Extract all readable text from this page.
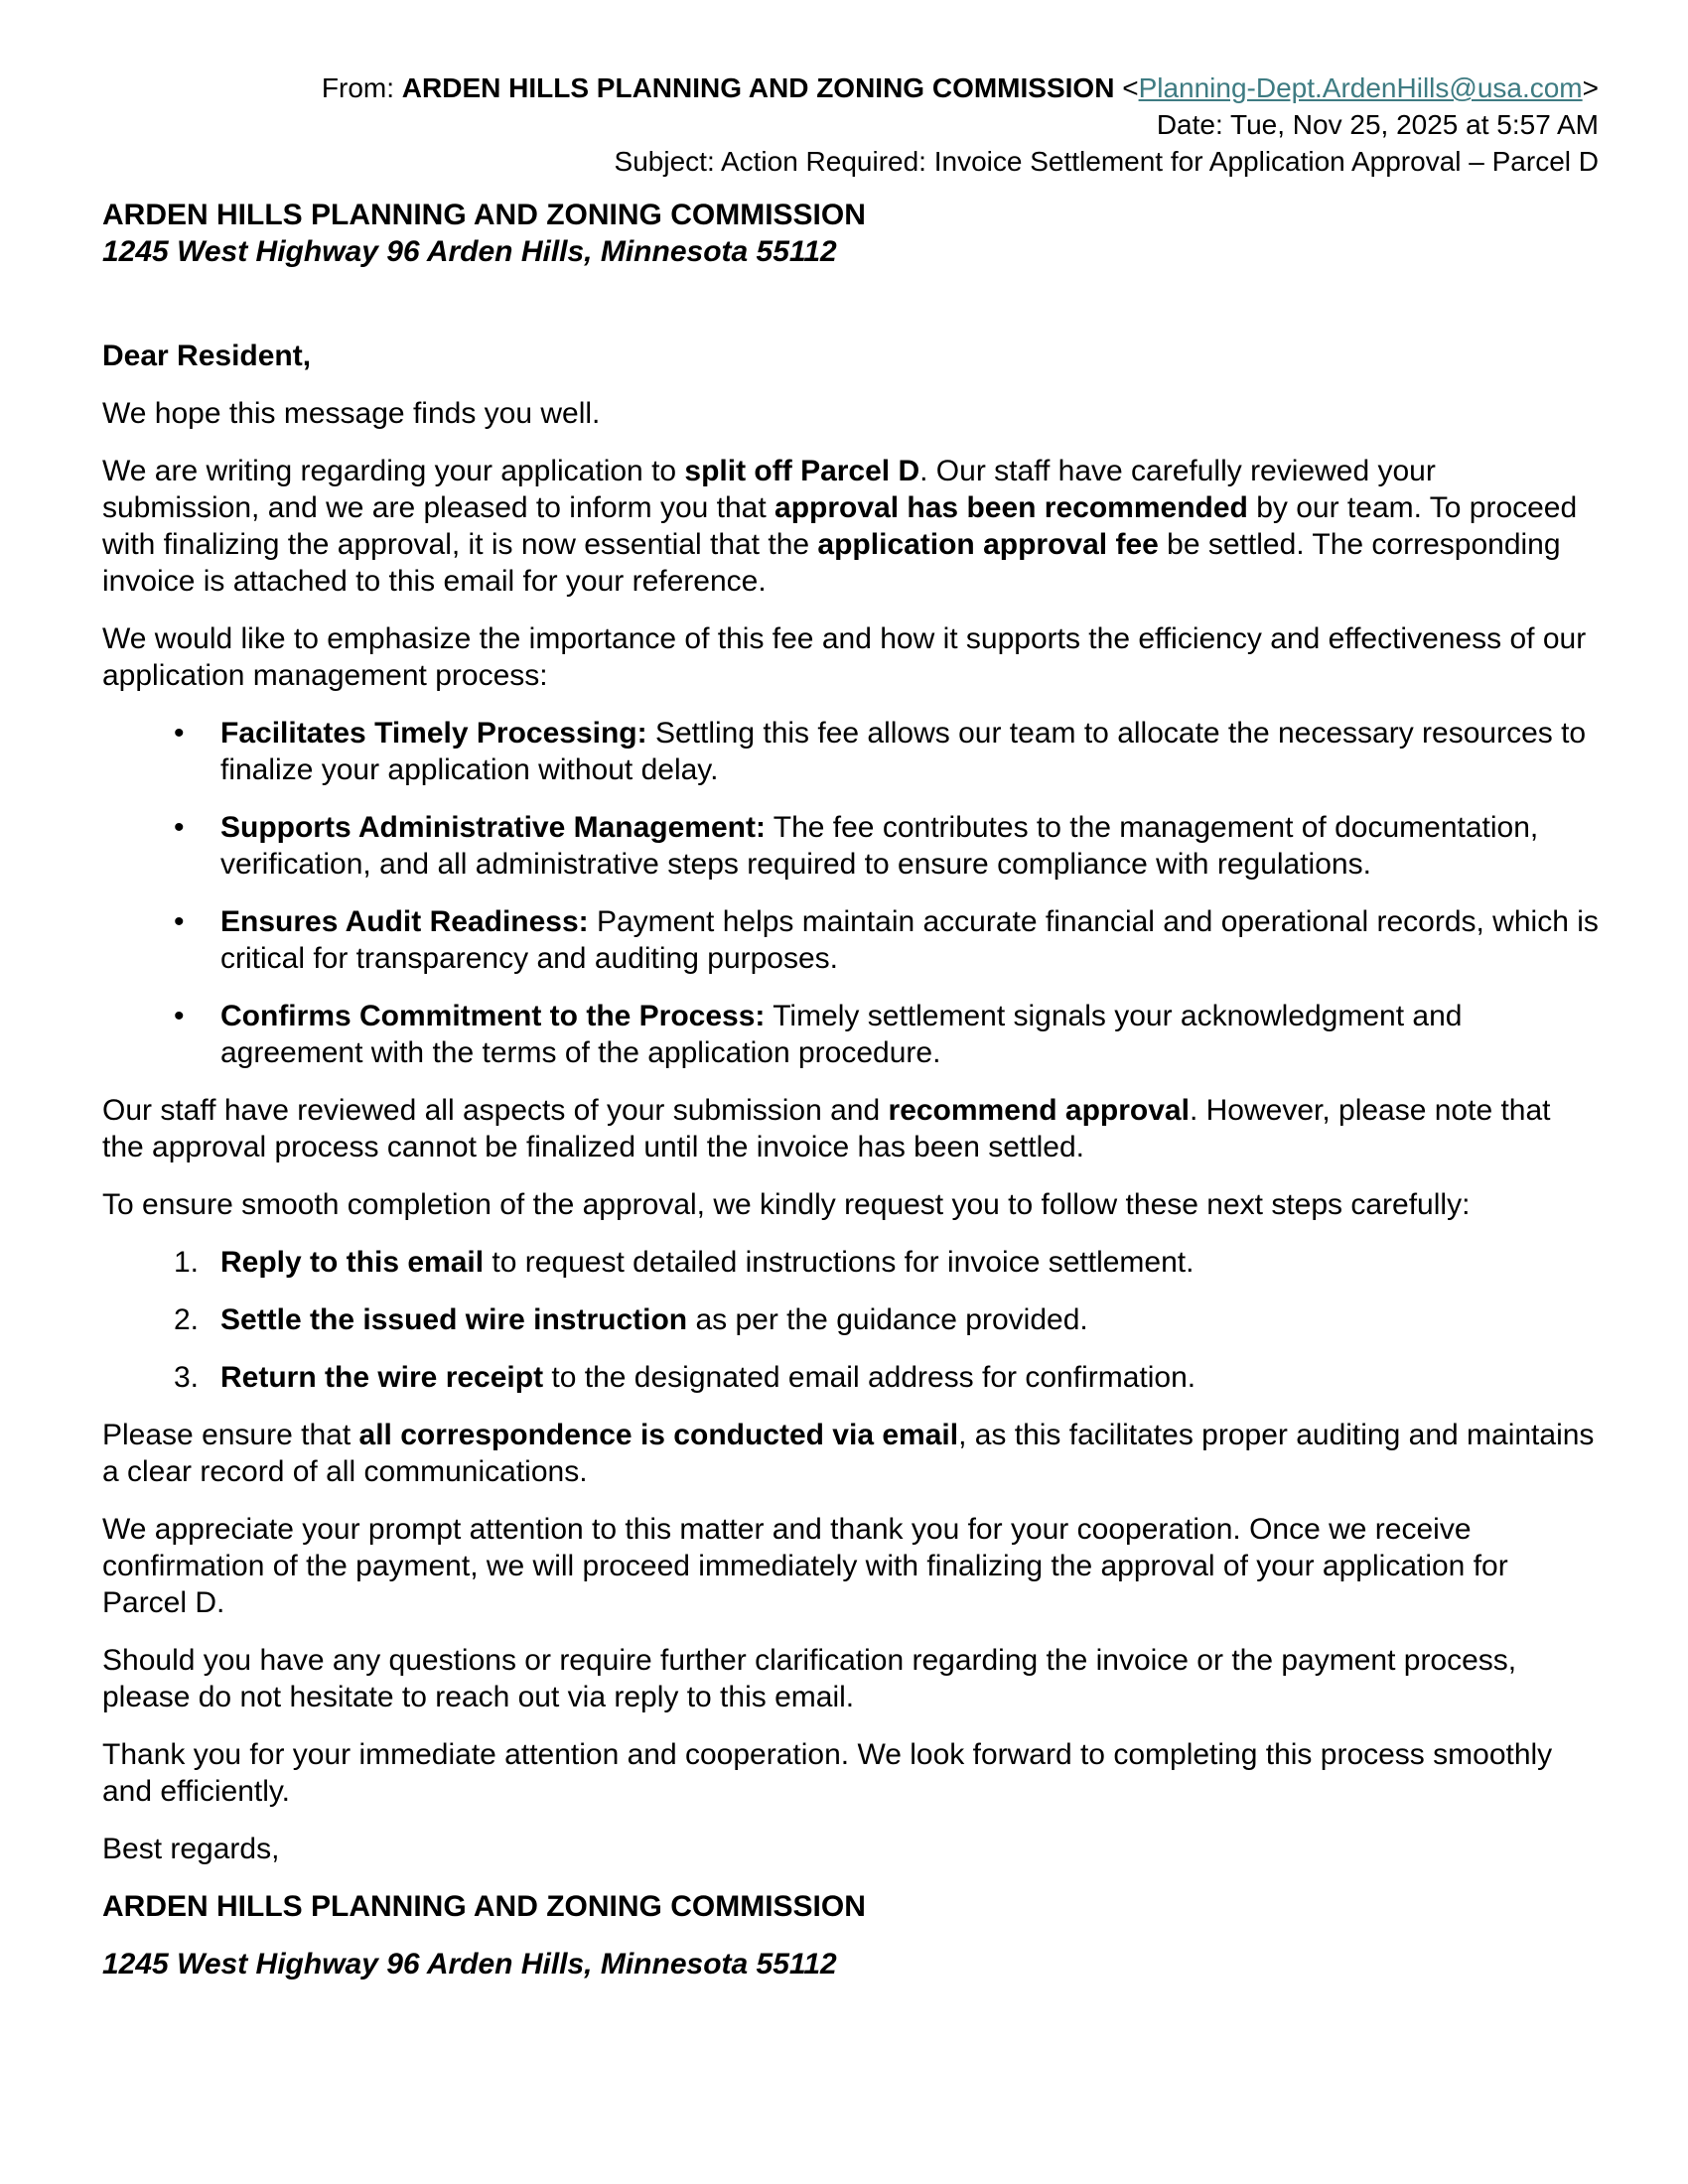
From: ARDEN HILLS PLANNING AND ZONING COMMISSION <Planning-Dept.ArdenHills@usa.com>
Date: Tue, Nov 25, 2025 at 5:57 AM
Subject: Action Required: Invoice Settlement for Application Approval – Parcel D
ARDEN HILLS PLANNING AND ZONING COMMISSION
1245 West Highway 96 Arden Hills, Minnesota 55112

Dear Resident,

We hope this message finds you well.

We are writing regarding your application to split off Parcel D. Our staff have carefully reviewed your submission, and we are pleased to inform you that approval has been recommended by our team. To proceed with finalizing the approval, it is now essential that the application approval fee be settled. The corresponding invoice is attached to this email for your reference.

We would like to emphasize the importance of this fee and how it supports the efficiency and effectiveness of our application management process:

•	Facilitates Timely Processing: Settling this fee allows our team to allocate the necessary resources to finalize your application without delay.
•	Supports Administrative Management: The fee contributes to the management of documentation, verification, and all administrative steps required to ensure compliance with regulations.
•	Ensures Audit Readiness: Payment helps maintain accurate financial and operational records, which is critical for transparency and auditing purposes.
•	Confirms Commitment to the Process: Timely settlement signals your acknowledgment and agreement with the terms of the application procedure.

Our staff have reviewed all aspects of your submission and recommend approval. However, please note that the approval process cannot be finalized until the invoice has been settled.

To ensure smooth completion of the approval, we kindly request you to follow these next steps carefully:

1. Reply to this email to request detailed instructions for invoice settlement.
2. Settle the issued wire instruction as per the guidance provided.
3. Return the wire receipt to the designated email address for confirmation.

Please ensure that all correspondence is conducted via email, as this facilitates proper auditing and maintains a clear record of all communications.

We appreciate your prompt attention to this matter and thank you for your cooperation. Once we receive confirmation of the payment, we will proceed immediately with finalizing the approval of your application for Parcel D.

Should you have any questions or require further clarification regarding the invoice or the payment process, please do not hesitate to reach out via reply to this email.

Thank you for your immediate attention and cooperation. We look forward to completing this process smoothly and efficiently.

Best regards,

ARDEN HILLS PLANNING AND ZONING COMMISSION

1245 West Highway 96 Arden Hills, Minnesota 55112
